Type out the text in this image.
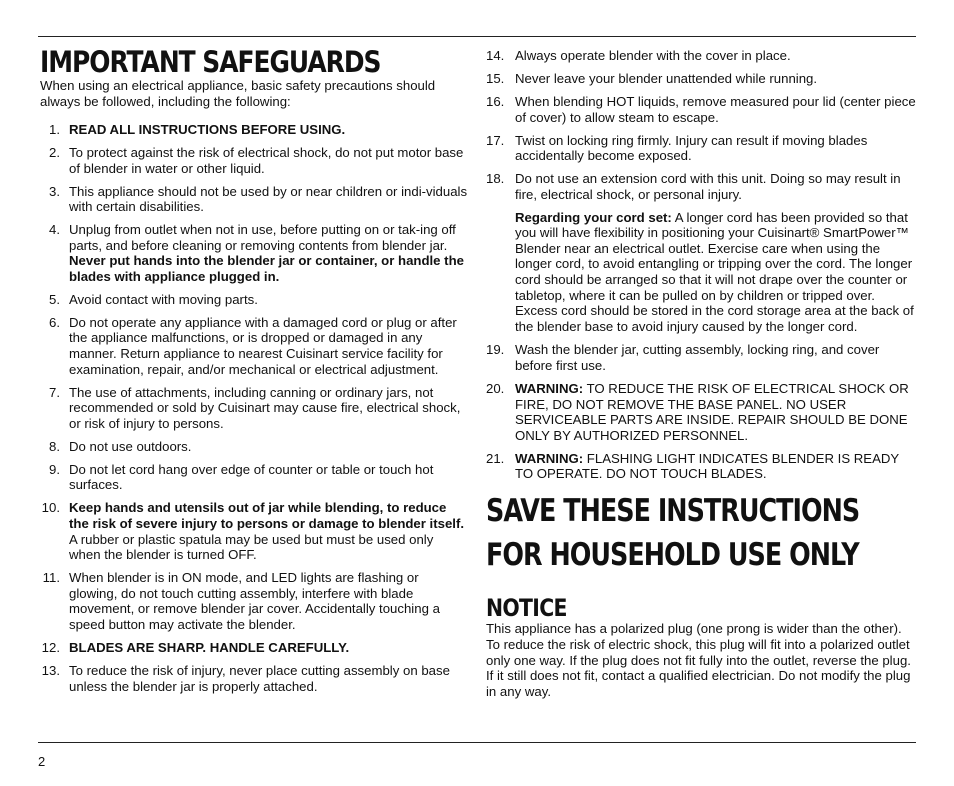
IMPORTANT SAFEGUARDS

When using an electrical appliance, basic safety precautions should always be followed, including the following:

1. READ ALL INSTRUCTIONS BEFORE USING.
2. To protect against the risk of electrical shock, do not put motor base of blender in water or other liquid.
3. This appliance should not be used by or near children or indi-viduals with certain disabilities.
4. Unplug from outlet when not in use, before putting on or tak-ing off parts, and before cleaning or removing contents from blender jar. Never put hands into the blender jar or container, or handle the blades with appliance plugged in.
5. Avoid contact with moving parts.
6. Do not operate any appliance with a damaged cord or plug or after the appliance malfunctions, or is dropped or damaged in any manner. Return appliance to nearest Cuisinart service facility for examination, repair, and/or mechanical or electrical adjustment.
7. The use of attachments, including canning or ordinary jars, not recommended or sold by Cuisinart may cause fire, electrical shock, or risk of injury to persons.
8. Do not use outdoors.
9. Do not let cord hang over edge of counter or table or touch hot surfaces.
10. Keep hands and utensils out of jar while blending, to reduce the risk of severe injury to persons or damage to blender itself. A rubber or plastic spatula may be used but must be used only when the blender is turned OFF.
11. When blender is in ON mode, and LED lights are flashing or glowing, do not touch cutting assembly, interfere with blade movement, or remove blender jar cover. Accidentally touching a speed button may activate the blender.
12. BLADES ARE SHARP. HANDLE CAREFULLY.
13. To reduce the risk of injury, never place cutting assembly on base unless the blender jar is properly attached.
14. Always operate blender with the cover in place.
15. Never leave your blender unattended while running.
16. When blending HOT liquids, remove measured pour lid (center piece of cover) to allow steam to escape.
17. Twist on locking ring firmly. Injury can result if moving blades accidentally become exposed.
18. Do not use an extension cord with this unit. Doing so may result in fire, electrical shock, or personal injury.

Regarding your cord set: A longer cord has been provided so that you will have flexibility in positioning your Cuisinart® SmartPower™ Blender near an electrical outlet. Exercise care when using the longer cord, to avoid entangling or tripping over the cord. The longer cord should be arranged so that it will not drape over the counter or tabletop, where it can be pulled on by children or tripped over. Excess cord should be stored in the cord storage area at the back of the blender base to avoid injury caused by the longer cord.

19. Wash the blender jar, cutting assembly, locking ring, and cover before first use.
20. WARNING: TO REDUCE THE RISK OF ELECTRICAL SHOCK OR FIRE, DO NOT REMOVE THE BASE PANEL. NO USER SERVICEABLE PARTS ARE INSIDE. REPAIR SHOULD BE DONE ONLY BY AUTHORIZED PERSONNEL.
21. WARNING: FLASHING LIGHT INDICATES BLENDER IS READY TO OPERATE. DO NOT TOUCH BLADES.
SAVE THESE INSTRUCTIONS
FOR HOUSEHOLD USE ONLY
NOTICE

This appliance has a polarized plug (one prong is wider than the other). To reduce the risk of electric shock, this plug will fit into a polarized outlet only one way. If the plug does not fit fully into the outlet, reverse the plug. If it still does not fit, contact a qualified electrician. Do not modify the plug in any way.

2
